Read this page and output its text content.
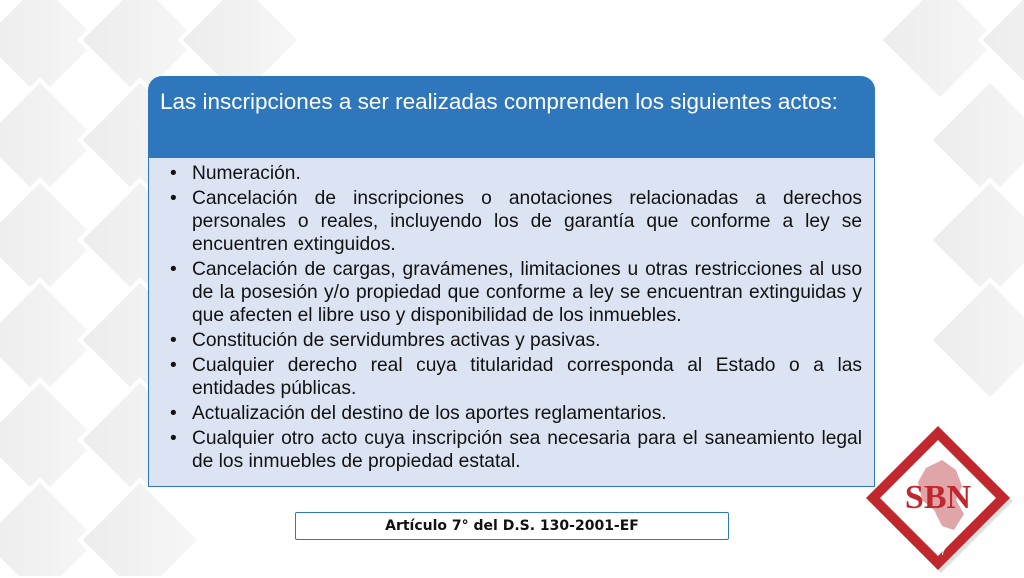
Las inscripciones a ser realizadas comprenden los siguientes actos:
• Numeración.
• Cancelación de inscripciones o anotaciones relacionadas a derechos personales o reales, incluyendo los de garantía que conforme a ley se encuentren extinguidos.
• Cancelación de cargas, gravámenes, limitaciones u otras restricciones al uso de la posesión y/o propiedad que conforme a ley se encuentran extinguidas y que afecten el libre uso y disponibilidad de los inmuebles.
• Constitución de servidumbres activas y pasivas.
• Cualquier derecho real cuya titularidad corresponda al Estado o a las entidades públicas.
• Actualización del destino de los aportes reglamentarios.
• Cualquier otro acto cuya inscripción sea necesaria para el saneamiento legal de los inmuebles de propiedad estatal.
Artículo 7° del D.S. 130-2001-EF
SBN
7
